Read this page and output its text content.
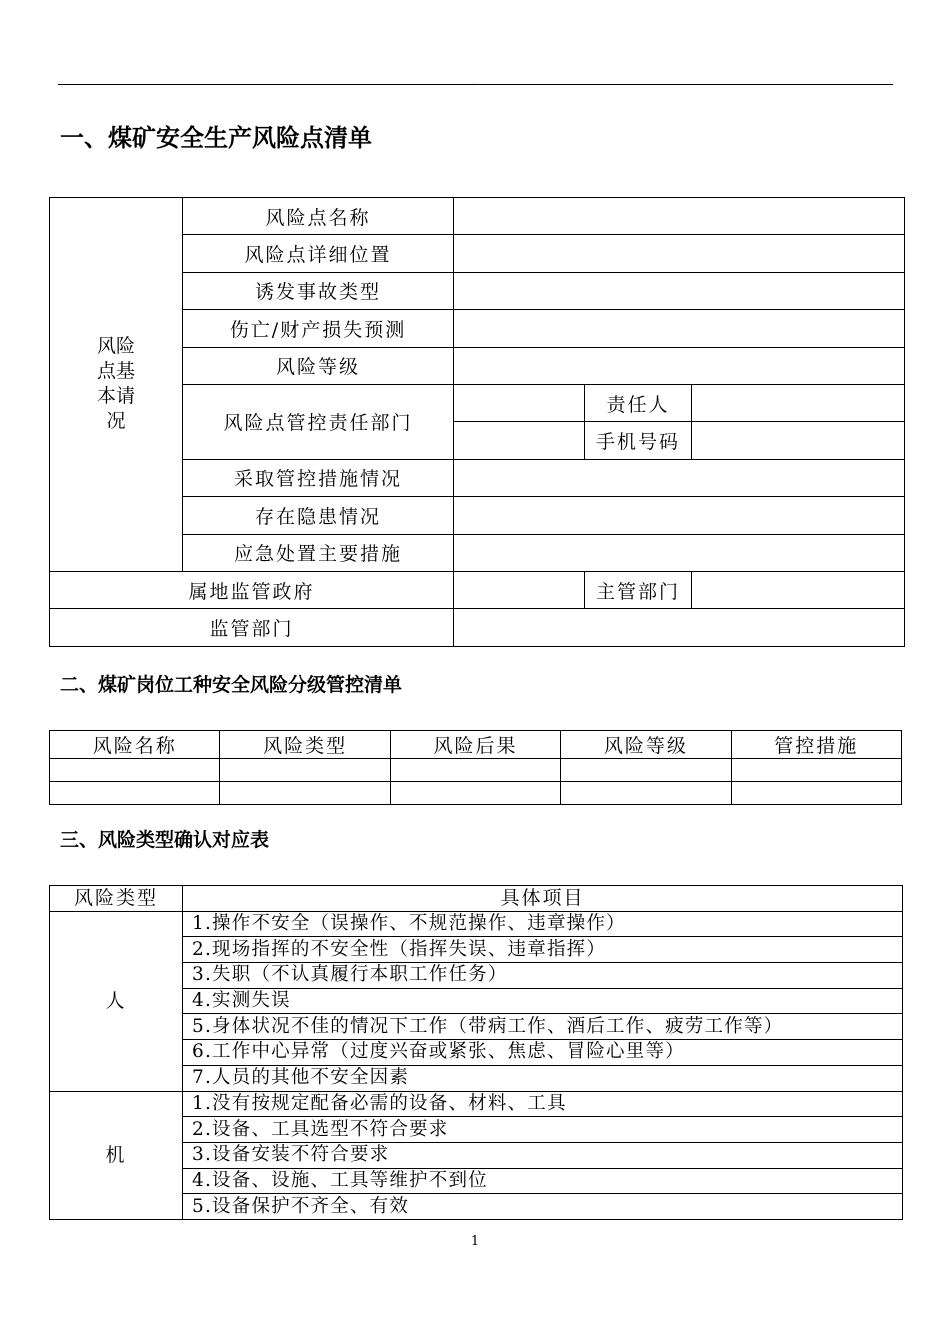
.
一、煤矿安全生产风险点清单
风险
点基
本请
况	风险点名称			
	风险点详细位置			
	诱发事故类型			
	伤亡/财产损失预测			
	风险等级			
	风险点管控责任部门		责任人	
			手机号码	
	采取管控措施情况			
	存在隐患情况			
	应急处置主要措施			
属地监管政府			主管部门	
监管部门				
二、煤矿岗位工种安全风险分级管控清单
风险名称	风险类型	风险后果	风险等级	管控措施

三、风险类型确认对应表
风险类型	具体项目
人	1.操作不安全（误操作、不规范操作、违章操作）
	2.现场指挥的不安全性（指挥失误、违章指挥）
	3.失职（不认真履行本职工作任务）
	4.实测失误
	5.身体状况不佳的情况下工作（带病工作、酒后工作、疲劳工作等）
	6.工作中心异常（过度兴奋或紧张、焦虑、冒险心里等）
	7.人员的其他不安全因素
机	1.没有按规定配备必需的设备、材料、工具
	2.设备、工具选型不符合要求
	3.设备安装不符合要求
	4.设备、设施、工具等维护不到位
	5.设备保护不齐全、有效
1
